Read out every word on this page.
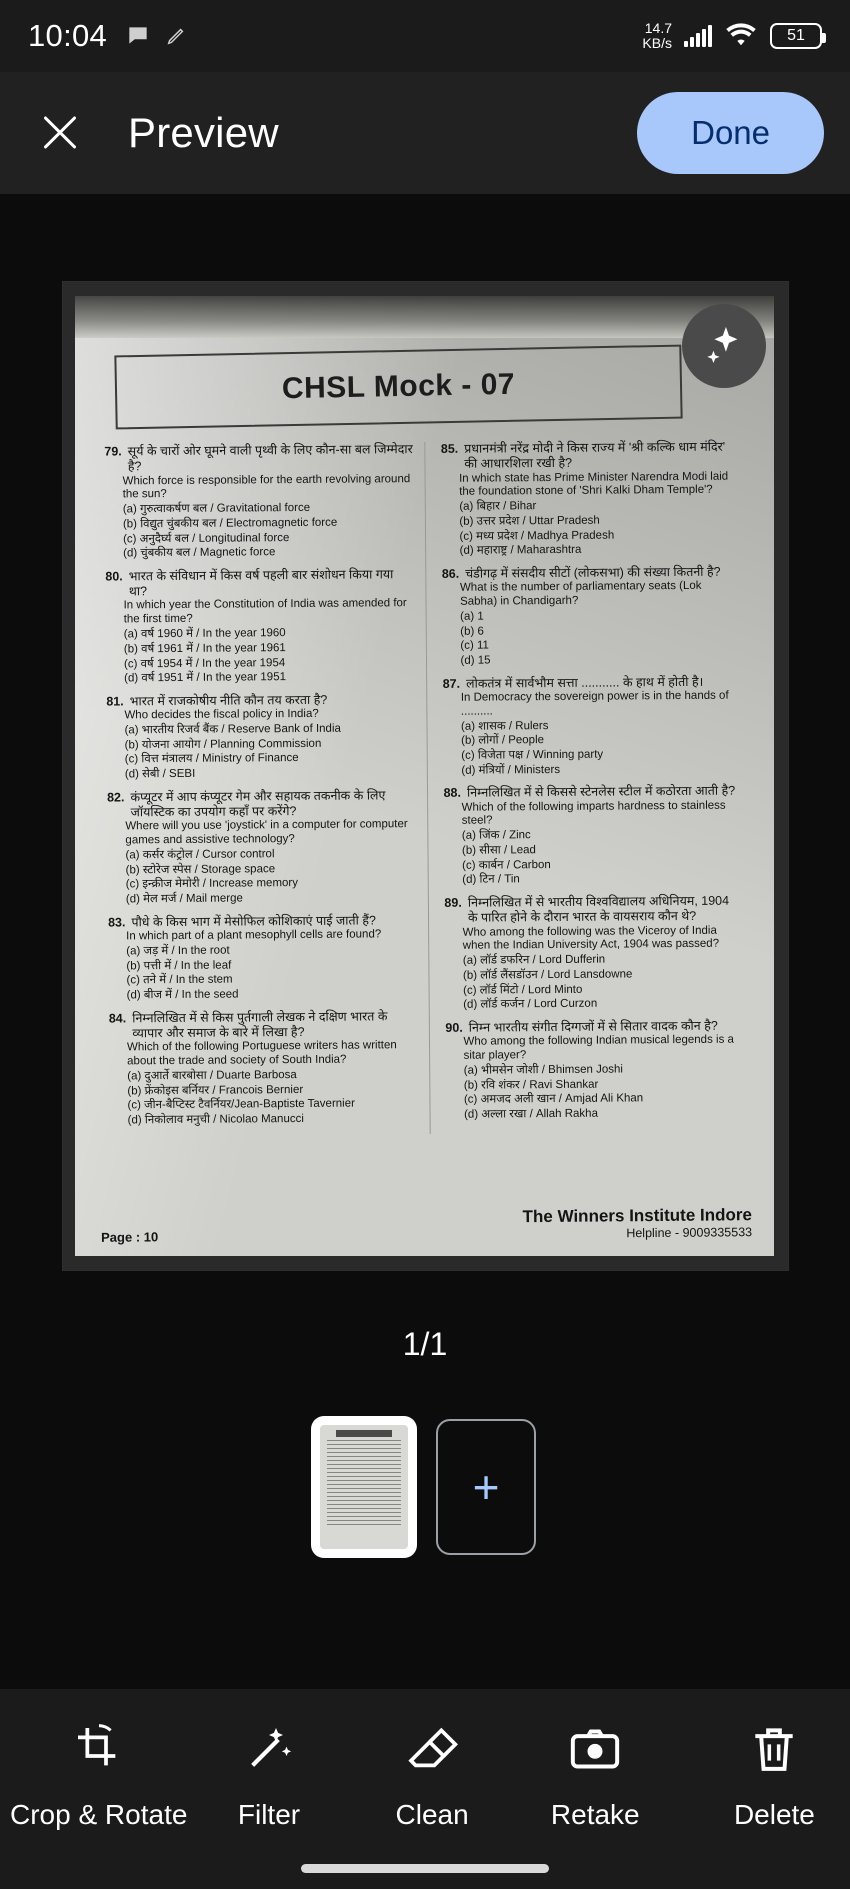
10:04	14.7
KB/s	51
Preview	Done
CHSL Mock - 07
79. सूर्य के चारों ओर घूमने वाली पृथ्वी के लिए कौन-सा बल जिम्मेदार है?
Which force is responsible for the earth revolving around the sun?
(a) गुरुत्वाकर्षण बल / Gravitational force
(b) विद्युत चुंबकीय बल / Electromagnetic force
(c) अनुदैर्घ्य बल / Longitudinal force
(d) चुंबकीय बल / Magnetic force
80. भारत के संविधान में किस वर्ष पहली बार संशोधन किया गया था?
In which year the Constitution of India was amended for the first time?
(a) वर्ष 1960 में / In the year 1960
(b) वर्ष 1961 में / In the year 1961
(c) वर्ष 1954 में / In the year 1954
(d) वर्ष 1951 में / In the year 1951
81. भारत में राजकोषीय नीति कौन तय करता है?
Who decides the fiscal policy in India?
(a) भारतीय रिजर्व बैंक / Reserve Bank of India
(b) योजना आयोग / Planning Commission
(c) वित्त मंत्रालय / Ministry of Finance
(d) सेबी / SEBI
82. कंप्यूटर में आप कंप्यूटर गेम और सहायक तकनीक के लिए जॉयस्टिक का उपयोग कहाँ पर करेंगे?
Where will you use 'joystick' in a computer for computer games and assistive technology?
(a) कर्सर कंट्रोल / Cursor control
(b) स्टोरेज स्पेस / Storage space
(c) इन्क्रीज मेमोरी / Increase memory
(d) मेल मर्ज / Mail merge
83. पौधे के किस भाग में मेसोफिल कोशिकाएं पाई जाती हैं?
In which part of a plant mesophyll cells are found?
(a) जड़ में / In the root
(b) पत्ती में / In the leaf
(c) तने में / In the stem
(d) बीज में / In the seed
84. निम्नलिखित में से किस पुर्तगाली लेखक ने दक्षिण भारत के व्यापार और समाज के बारे में लिखा है?
Which of the following Portuguese writers has written about the trade and society of South India?
(a) दुआर्ते बारबोसा / Duarte Barbosa
(b) फ्रेंकोइस बर्नियर / Francois Bernier
(c) जीन-बैप्टिस्ट टैवर्नियर/Jean-Baptiste Tavernier
(d) निकोलाव मनुची / Nicolao Manucci
85. प्रधानमंत्री नरेंद्र मोदी ने किस राज्य में 'श्री कल्कि धाम मंदिर' की आधारशिला रखी है?
In which state has Prime Minister Narendra Modi laid the foundation stone of 'Shri Kalki Dham Temple'?
(a) बिहार / Bihar
(b) उत्तर प्रदेश / Uttar Pradesh
(c) मध्य प्रदेश / Madhya Pradesh
(d) महाराष्ट्र / Maharashtra
86. चंडीगढ़ में संसदीय सीटों (लोकसभा) की संख्या कितनी है?
What is the number of parliamentary seats (Lok Sabha) in Chandigarh?
(a) 1
(b) 6
(c) 11
(d) 15
87. लोकतंत्र में सार्वभौम सत्ता ........... के हाथ में होती है।
In Democracy the sovereign power is in the hands of ..........
(a) शासक / Rulers
(b) लोगों / People
(c) विजेता पक्ष / Winning party
(d) मंत्रियों / Ministers
88. निम्नलिखित में से किससे स्टेनलेस स्टील में कठोरता आती है?
Which of the following imparts hardness to stainless steel?
(a) जिंक / Zinc
(b) सीसा / Lead
(c) कार्बन / Carbon
(d) टिन / Tin
89. निम्नलिखित में से भारतीय विश्वविद्यालय अधिनियम, 1904 के पारित होने के दौरान भारत के वायसराय कौन थे?
Who among the following was the Viceroy of India when the Indian University Act, 1904 was passed?
(a) लॉर्ड डफरिन / Lord Dufferin
(b) लॉर्ड लैंसडॉउन / Lord Lansdowne
(c) लॉर्ड मिंटो / Lord Minto
(d) लॉर्ड कर्जन / Lord Curzon
90. निम्न भारतीय संगीत दिग्गजों में से सितार वादक कौन है?
Who among the following Indian musical legends is a sitar player?
(a) भीमसेन जोशी / Bhimsen Joshi
(b) रवि शंकर / Ravi Shankar
(c) अमजद अली खान / Amjad Ali Khan
(d) अल्ला रखा / Allah Rakha
Page : 10
The Winners Institute Indore
Helpline - 9009335533
1/1
+
Crop & Rotate Filter	Clean	Retake	Delete
